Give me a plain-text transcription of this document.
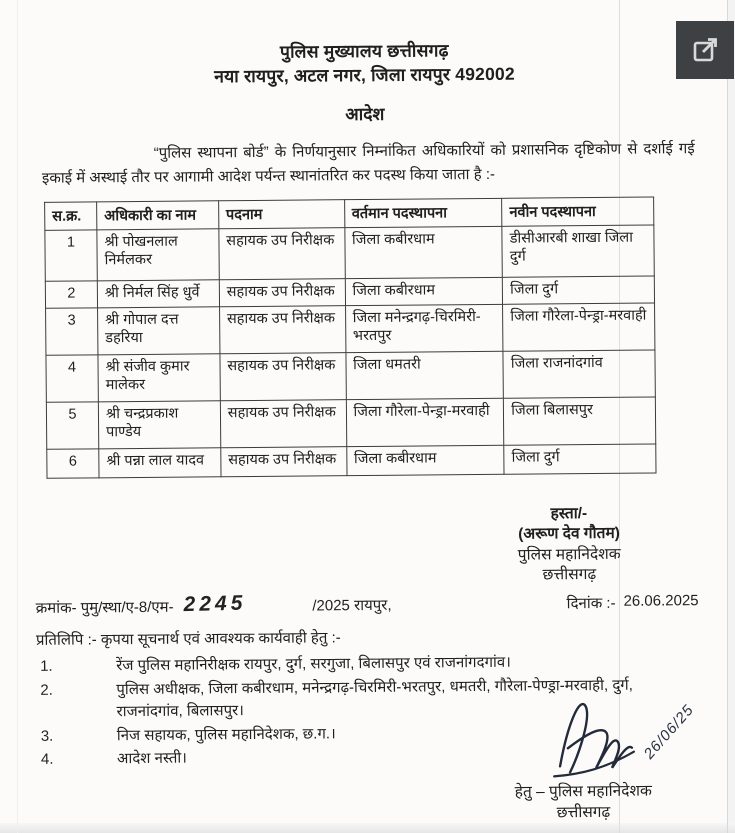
पुलिस मुख्यालय छत्तीसगढ़
नया रायपुर, अटल नगर, जिला रायपुर 492002
आदेश
“पुलिस स्थापना बोर्ड” के निर्णयानुसार निम्नांकित अधिकारियों को प्रशासनिक दृष्टिकोण से दर्शाई गई इकाई में अस्थाई तौर पर आगामी आदेश पर्यन्त स्थानांतरित कर पदस्थ किया जाता है :-
स.क्र.	अधिकारी का नाम	पदनाम	वर्तमान पदस्थापना	नवीन पदस्थापना
1	श्री पोखनलाल निर्मलकर	सहायक उप निरीक्षक	जिला कबीरधाम	डीसीआरबी शाखा जिला दुर्ग
2	श्री निर्मल सिंह धुर्वे	सहायक उप निरीक्षक	जिला कबीरधाम	जिला दुर्ग
3	श्री गोपाल दत्त डहरिया	सहायक उप निरीक्षक	जिला मनेन्द्रगढ़-चिरमिरी-भरतपुर	जिला गौरेला-पेन्ड्रा-मरवाही
4	श्री संजीव कुमार मालेकर	सहायक उप निरीक्षक	जिला धमतरी	जिला राजनांदगांव
5	श्री चन्द्रप्रकाश पाण्डेय	सहायक उप निरीक्षक	जिला गौरेला-पेन्ड्रा-मरवाही	जिला बिलासपुर
6	श्री पन्ना लाल यादव	सहायक उप निरीक्षक	जिला कबीरधाम	जिला दुर्ग
हस्ता/-
(अरूण देव गौतम)
पुलिस महानिदेशक
छत्तीसगढ़
क्रमांक- पुमु/स्था/ए-8/एम- 2245	/2025 रायपुर,	दिनांक :- 26.06.2025
प्रतिलिपि :- कृपया सूचनार्थ एवं आवश्यक कार्यवाही हेतु :-
1.	रेंज पुलिस महानिरीक्षक रायपुर, दुर्ग, सरगुजा, बिलासपुर एवं राजनांगदगांव।
2.	पुलिस अधीक्षक, जिला कबीरधाम, मनेन्द्रगढ़-चिरमिरी-भरतपुर, धमतरी, गौरेला-पेण्ड्रा-मरवाही, दुर्ग, राजनांदगांव, बिलासपुर।
3.	निज सहायक, पुलिस महानिदेशक, छ.ग.।
4.	आदेश नस्ती।
हेतु – पुलिस महानिदेशक
छत्तीसगढ़
26/06/25
